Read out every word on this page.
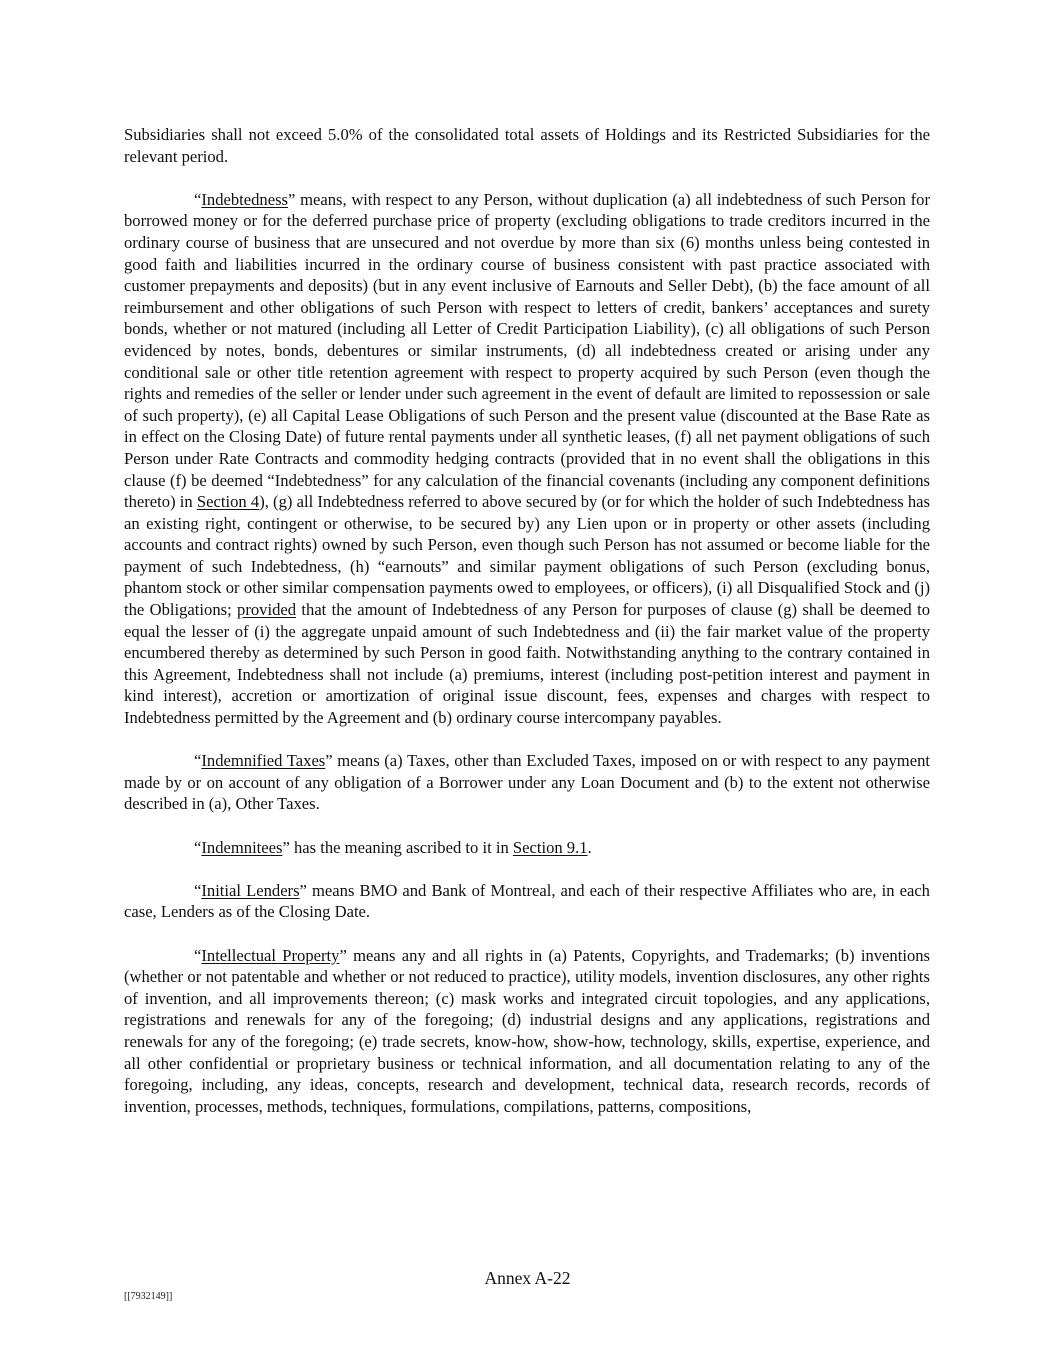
Subsidiaries shall not exceed 5.0% of the consolidated total assets of Holdings and its Restricted Subsidiaries for the relevant period.

“Indebtedness” means, with respect to any Person, without duplication (a) all indebtedness of such Person for borrowed money or for the deferred purchase price of property (excluding obligations to trade creditors incurred in the ordinary course of business that are unsecured and not overdue by more than six (6) months unless being contested in good faith and liabilities incurred in the ordinary course of business consistent with past practice associated with customer prepayments and deposits) (but in any event inclusive of Earnouts and Seller Debt), (b) the face amount of all reimbursement and other obligations of such Person with respect to letters of credit, bankers’ acceptances and surety bonds, whether or not matured (including all Letter of Credit Participation Liability), (c) all obligations of such Person evidenced by notes, bonds, debentures or similar instruments, (d) all indebtedness created or arising under any conditional sale or other title retention agreement with respect to property acquired by such Person (even though the rights and remedies of the seller or lender under such agreement in the event of default are limited to repossession or sale of such property), (e) all Capital Lease Obligations of such Person and the present value (discounted at the Base Rate as in effect on the Closing Date) of future rental payments under all synthetic leases, (f) all net payment obligations of such Person under Rate Contracts and commodity hedging contracts (provided that in no event shall the obligations in this clause (f) be deemed “Indebtedness” for any calculation of the financial covenants (including any component definitions thereto) in Section 4), (g) all Indebtedness referred to above secured by (or for which the holder of such Indebtedness has an existing right, contingent or otherwise, to be secured by) any Lien upon or in property or other assets (including accounts and contract rights) owned by such Person, even though such Person has not assumed or become liable for the payment of such Indebtedness, (h) “earnouts” and similar payment obligations of such Person (excluding bonus, phantom stock or other similar compensation payments owed to employees, or officers), (i) all Disqualified Stock and (j) the Obligations; provided that the amount of Indebtedness of any Person for purposes of clause (g) shall be deemed to equal the lesser of (i) the aggregate unpaid amount of such Indebtedness and (ii) the fair market value of the property encumbered thereby as determined by such Person in good faith. Notwithstanding anything to the contrary contained in this Agreement, Indebtedness shall not include (a) premiums, interest (including post-petition interest and payment in kind interest), accretion or amortization of original issue discount, fees, expenses and charges with respect to Indebtedness permitted by the Agreement and (b) ordinary course intercompany payables.

“Indemnified Taxes” means (a) Taxes, other than Excluded Taxes, imposed on or with respect to any payment made by or on account of any obligation of a Borrower under any Loan Document and (b) to the extent not otherwise described in (a), Other Taxes.

“Indemnitees” has the meaning ascribed to it in Section 9.1.

“Initial Lenders” means BMO and Bank of Montreal, and each of their respective Affiliates who are, in each case, Lenders as of the Closing Date.

“Intellectual Property” means any and all rights in (a) Patents, Copyrights, and Trademarks; (b) inventions (whether or not patentable and whether or not reduced to practice), utility models, invention disclosures, any other rights of invention, and all improvements thereon; (c) mask works and integrated circuit topologies, and any applications, registrations and renewals for any of the foregoing; (d) industrial designs and any applications, registrations and renewals for any of the foregoing; (e) trade secrets, know-how, show-how, technology, skills, expertise, experience, and all other confidential or proprietary business or technical information, and all documentation relating to any of the foregoing, including, any ideas, concepts, research and development, technical data, research records, records of invention, processes, methods, techniques, formulations, compilations, patterns, compositions,

Annex A-22
[[7932149]]
